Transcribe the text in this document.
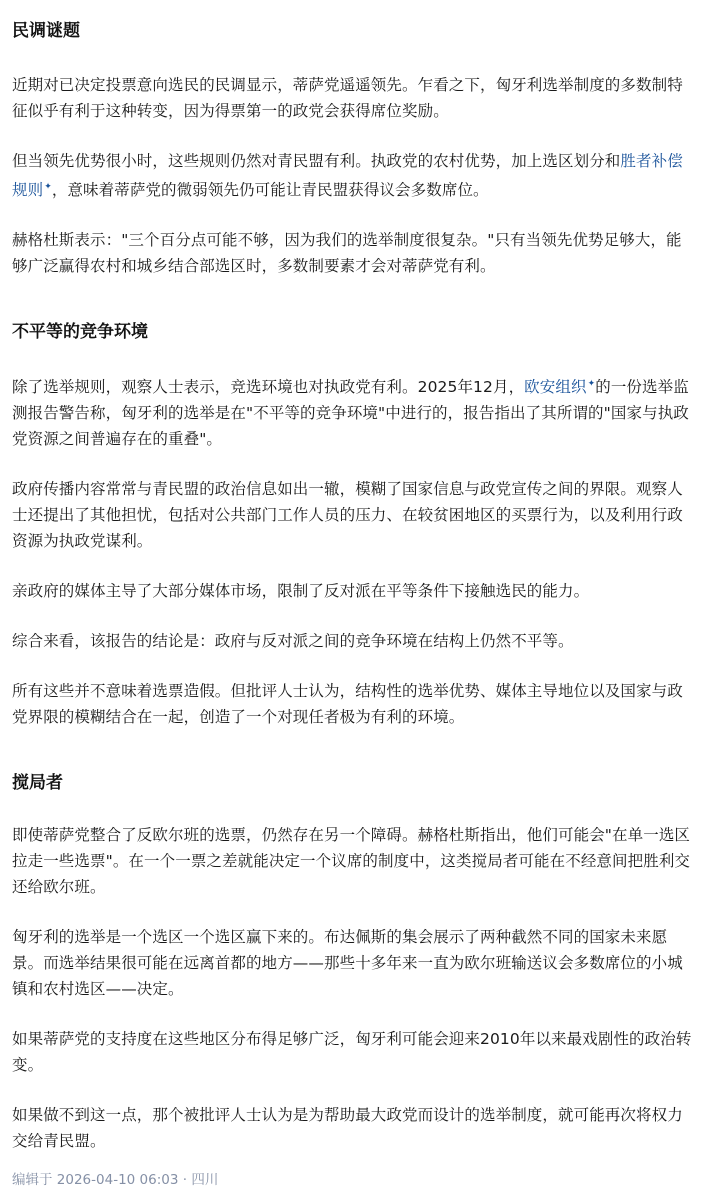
民调谜题

近期对已决定投票意向选民的民调显示，蒂萨党遥遥领先。乍看之下，匈牙利选举制度的多数制特征似乎有利于这种转变，因为得票第一的政党会获得席位奖励。

但当领先优势很小时，这些规则仍然对青民盟有利。执政党的农村优势，加上选区划分和胜者补偿规则✦，意味着蒂萨党的微弱领先仍可能让青民盟获得议会多数席位。

赫格杜斯表示："三个百分点可能不够，因为我们的选举制度很复杂。"只有当领先优势足够大，能够广泛赢得农村和城乡结合部选区时，多数制要素才会对蒂萨党有利。

不平等的竞争环境

除了选举规则，观察人士表示，竞选环境也对执政党有利。2025年12月，欧安组织✦的一份选举监测报告警告称，匈牙利的选举是在"不平等的竞争环境"中进行的，报告指出了其所谓的"国家与执政党资源之间普遍存在的重叠"。

政府传播内容常常与青民盟的政治信息如出一辙，模糊了国家信息与政党宣传之间的界限。观察人士还提出了其他担忧，包括对公共部门工作人员的压力、在较贫困地区的买票行为，以及利用行政资源为执政党谋利。

亲政府的媒体主导了大部分媒体市场，限制了反对派在平等条件下接触选民的能力。

综合来看，该报告的结论是：政府与反对派之间的竞争环境在结构上仍然不平等。

所有这些并不意味着选票造假。但批评人士认为，结构性的选举优势、媒体主导地位以及国家与政党界限的模糊结合在一起，创造了一个对现任者极为有利的环境。

搅局者

即使蒂萨党整合了反欧尔班的选票，仍然存在另一个障碍。赫格杜斯指出，他们可能会"在单一选区拉走一些选票"。在一个一票之差就能决定一个议席的制度中，这类搅局者可能在不经意间把胜利交还给欧尔班。

匈牙利的选举是一个选区一个选区赢下来的。布达佩斯的集会展示了两种截然不同的国家未来愿景。而选举结果很可能在远离首都的地方——那些十多年来一直为欧尔班输送议会多数席位的小城镇和农村选区——决定。

如果蒂萨党的支持度在这些地区分布得足够广泛，匈牙利可能会迎来2010年以来最戏剧性的政治转变。

如果做不到这一点，那个被批评人士认为是为帮助最大政党而设计的选举制度，就可能再次将权力交给青民盟。

编辑于 2026-04-10 06:03 · 四川
